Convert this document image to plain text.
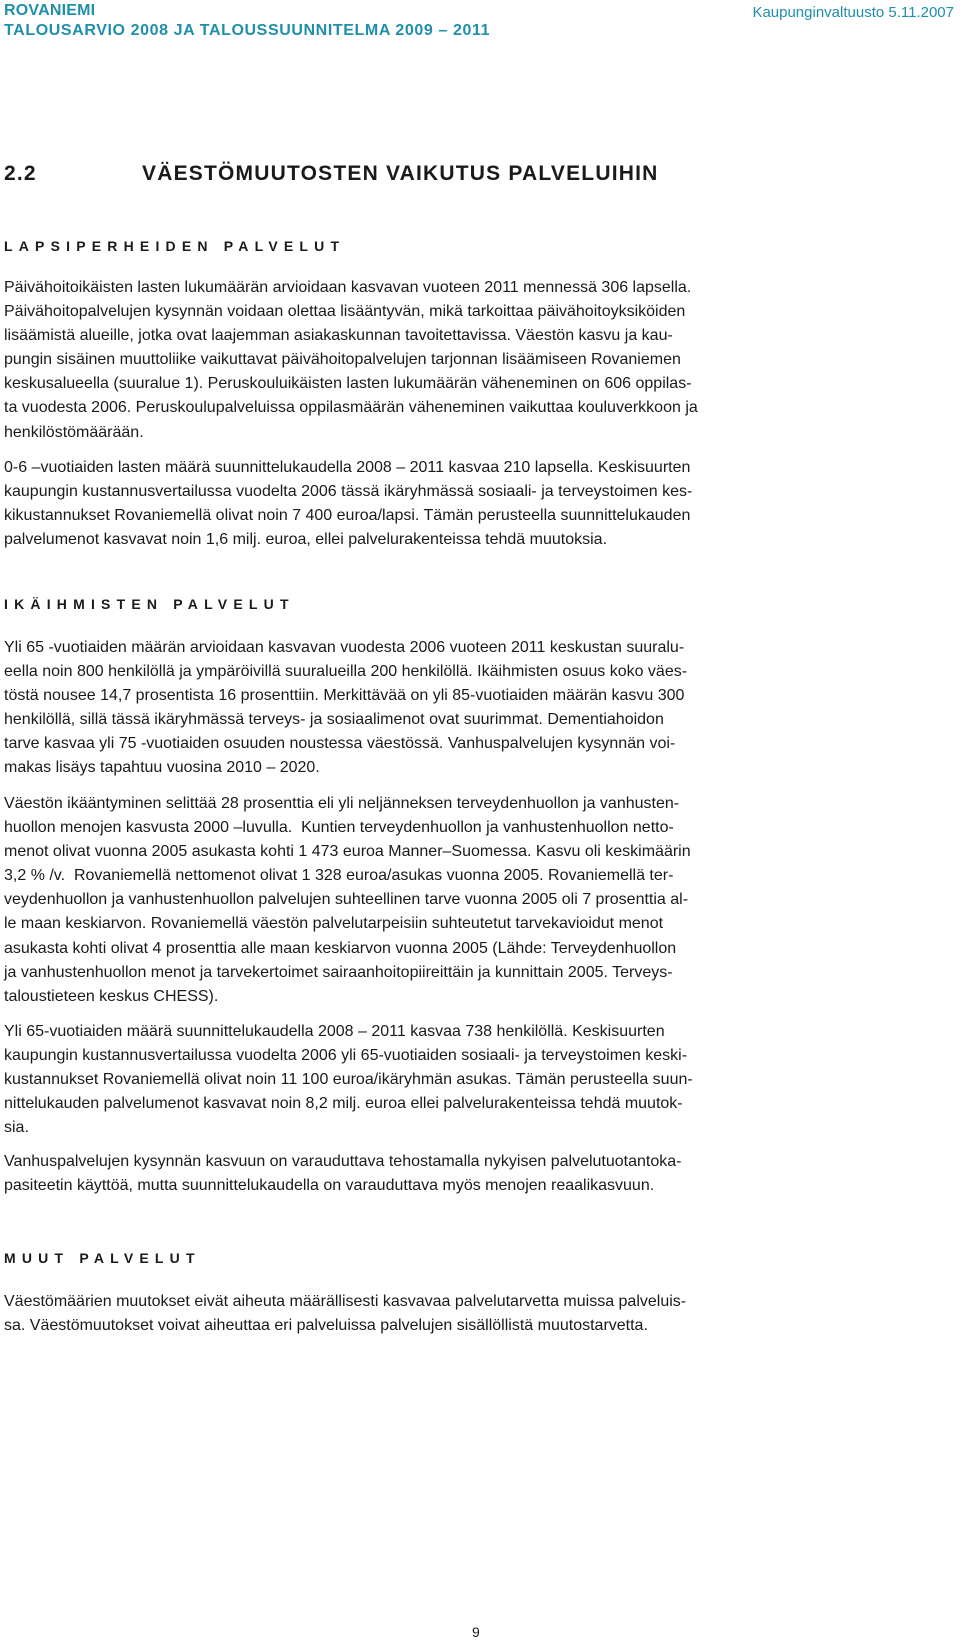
ROVANIEMI
TALOUSARVIO 2008 JA TALOUSSUUNNITELMA 2009 – 2011
Kaupunginvaltuusto 5.11.2007
2.2	VÄESTÖMUUTOSTEN VAIKUTUS PALVELUIHIN
LAPSIPERHEIDEN PALVELUT
Päivähoitoikäisten lasten lukumäärän arvioidaan kasvavan vuoteen 2011 mennessä 306 lapsella.
Päivähoitopalvelujen kysynnän voidaan olettaa lisääntyvän, mikä tarkoittaa päivähoitoyksiköiden
lisäämistä alueille, jotka ovat laajemman asiakaskunnan tavoitettavissa. Väestön kasvu ja kau-
pungin sisäinen muuttoliike vaikuttavat päivähoitopalvelujen tarjonnan lisäämiseen Rovaniemen
keskusalueella (suuralue 1). Peruskouluikäisten lasten lukumäärän väheneminen on 606 oppilas-
ta vuodesta 2006. Peruskoulupalveluissa oppilasmäärän väheneminen vaikuttaa kouluverkkoon ja
henkilöstömäärään.
0-6 –vuotiaiden lasten määrä suunnittelukaudella 2008 – 2011 kasvaa 210 lapsella. Keskisuurten
kaupungin kustannusvertailussa vuodelta 2006 tässä ikäryhmässä sosiaali- ja terveystoimen kes-
kikustannukset Rovaniemellä olivat noin 7 400 euroa/lapsi. Tämän perusteella suunnittelukauden
palvelumenot kasvavat noin 1,6 milj. euroa, ellei palvelurakenteissa tehdä muutoksia.
IKÄIHMISTEN PALVELUT
Yli 65 -vuotiaiden määrän arvioidaan kasvavan vuodesta 2006 vuoteen 2011 keskustan suuralu-
eella noin 800 henkilöllä ja ympäröivillä suuralueilla 200 henkilöllä. Ikäihmisten osuus koko väes-
töstä nousee 14,7 prosentista 16 prosenttiin. Merkittävää on yli 85-vuotiaiden määrän kasvu 300
henkilöllä, sillä tässä ikäryhmässä terveys- ja sosiaalimenot ovat suurimmat. Dementiahoidon
tarve kasvaa yli 75 -vuotiaiden osuuden noustessa väestössä. Vanhuspalvelujen kysynnän voi-
makas lisäys tapahtuu vuosina 2010 – 2020.
Väestön ikääntyminen selittää 28 prosenttia eli yli neljänneksen terveydenhuollon ja vanhusten-
huollon menojen kasvusta 2000 –luvulla.  Kuntien terveydenhuollon ja vanhustenhuollon netto-
menot olivat vuonna 2005 asukasta kohti 1 473 euroa Manner–Suomessa. Kasvu oli keskimäärin
3,2 % /v.  Rovaniemellä nettomenot olivat 1 328 euroa/asukas vuonna 2005. Rovaniemellä ter-
veydenhuollon ja vanhustenhuollon palvelujen suhteellinen tarve vuonna 2005 oli 7 prosenttia al-
le maan keskiarvon. Rovaniemellä väestön palvelutarpeisiin suhteutetut tarvekavioidut menot
asukasta kohti olivat 4 prosenttia alle maan keskiarvon vuonna 2005 (Lähde: Terveydenhuollon
ja vanhustenhuollon menot ja tarvekertoimet sairaanhoitopiireittäin ja kunnittain 2005. Terveys-
taloustieteen keskus CHESS).
Yli 65-vuotiaiden määrä suunnittelukaudella 2008 – 2011 kasvaa 738 henkilöllä. Keskisuurten
kaupungin kustannusvertailussa vuodelta 2006 yli 65-vuotiaiden sosiaali- ja terveystoimen keski-
kustannukset Rovaniemellä olivat noin 11 100 euroa/ikäryhmän asukas. Tämän perusteella suun-
nittelukauden palvelumenot kasvavat noin 8,2 milj. euroa ellei palvelurakenteissa tehdä muutok-
sia.
Vanhuspalvelujen kysynnän kasvuun on varauduttava tehostamalla nykyisen palvelutuotantoka-
pasiteetin käyttöä, mutta suunnittelukaudella on varauduttava myös menojen reaalikasvuun.
MUUT PALVELUT
Väestömäärien muutokset eivät aiheuta määrällisesti kasvavaa palvelutarvetta muissa palveluis-
sa. Väestömuutokset voivat aiheuttaa eri palveluissa palvelujen sisällöllistä muutostarvetta.
9
